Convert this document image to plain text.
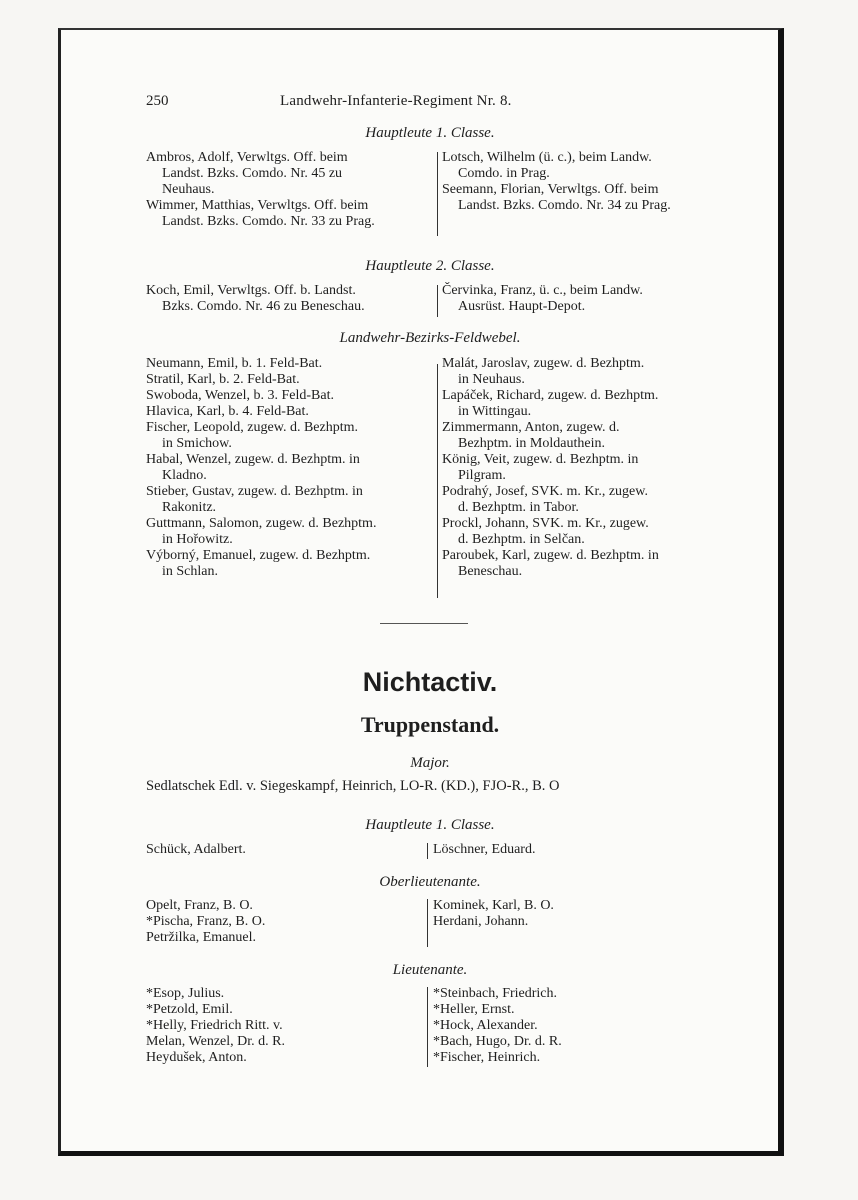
250	Landwehr-Infanterie-Regiment Nr. 8.
Hauptleute 1. Classe.

Ambros, Adolf, Verwltgs. Off. beim
Landst. Bzks. Comdo. Nr. 45 zu
Neuhaus.

Wimmer, Matthias, Verwltgs. Off. beim
Landst. Bzks. Comdo. Nr. 33 zu Prag.

Lotsch, Wilhelm (ü. c.), beim Landw.
Comdo. in Prag.

Seemann, Florian, Verwltgs. Off. beim
Landst. Bzks. Comdo. Nr. 34 zu Prag.

Hauptleute 2. Classe.

Koch, Emil, Verwltgs. Off. b. Landst.
Bzks. Comdo. Nr. 46 zu Beneschau.

Červinka, Franz, ü. c., beim Landw.
Ausrüst. Haupt-Depot.

Landwehr-Bezirks-Feldwebel.

Neumann, Emil, b. 1. Feld-Bat.

Stratil, Karl, b. 2. Feld-Bat.

Swoboda, Wenzel, b. 3. Feld-Bat.

Hlavica, Karl, b. 4. Feld-Bat.

Fischer, Leopold, zugew. d. Bezhptm.
in Smichow.

Habal, Wenzel, zugew. d. Bezhptm. in
Kladno.

Stieber, Gustav, zugew. d. Bezhptm. in
Rakonitz.

Guttmann, Salomon, zugew. d. Bezhptm.
in Hořowitz.

Výborný, Emanuel, zugew. d. Bezhptm.
in Schlan.

Malát, Jaroslav, zugew. d. Bezhptm.
in Neuhaus.

Lapáček, Richard, zugew. d. Bezhptm.
in Wittingau.

Zimmermann, Anton, zugew. d.
Bezhptm. in Moldauthein.

König, Veit, zugew. d. Bezhptm. in
Pilgram.

Podrahý, Josef, SVK. m. Kr., zugew.
d. Bezhptm. in Tabor.

Prockl, Johann, SVK. m. Kr., zugew.
d. Bezhptm. in Selčan.

Paroubek, Karl, zugew. d. Bezhptm. in
Beneschau.

Nichtactiv.
Truppenstand.
Major.
Sedlatschek Edl. v. Siegeskampf, Heinrich, LO-R. (KD.), FJO-R., B. O
Hauptleute 1. Classe.

Schück, Adalbert.	Löschner, Eduard.

Oberlieutenante.

Opelt, Franz, B. O.

*Pischa, Franz, B. O.

Petržilka, Emanuel.

Kominek, Karl, B. O.

Herdani, Johann.

Lieutenante.

*Esop, Julius.

*Petzold, Emil.

*Helly, Friedrich Ritt. v.

Melan, Wenzel, Dr. d. R.

Heydušek, Anton.

*Steinbach, Friedrich.

*Heller, Ernst.

*Hock, Alexander.

*Bach, Hugo, Dr. d. R.

*Fischer, Heinrich.
